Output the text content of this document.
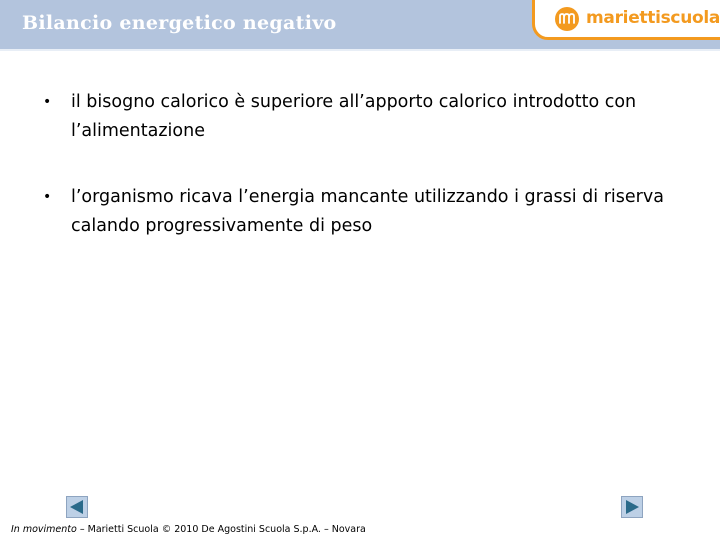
Bilancio energetico negativo	mariettiscuola
• il bisogno calorico è superiore all’apporto calorico introdotto con l’alimentazione
• l’organismo ricava l’energia mancante utilizzando i grassi di riserva calando progressivamente di peso
In movimento – Marietti Scuola © 2010 De Agostini Scuola S.p.A. – Novara
